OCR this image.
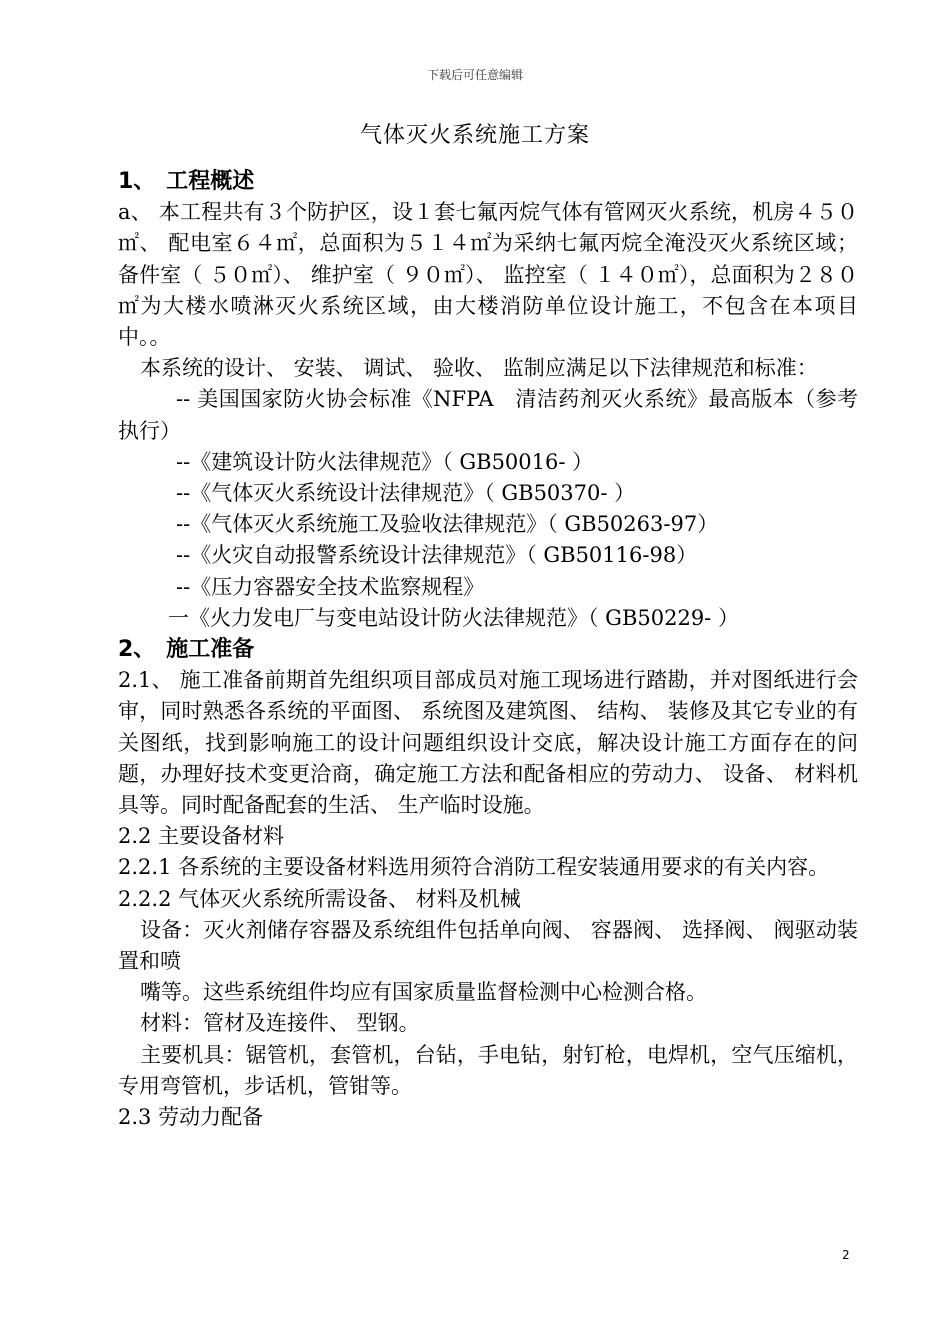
下载后可任意编辑
气体灭火系统施工方案

1、　工程概述

a、 本工程共有３个防护区，设１套七氟丙烷气体有管网灭火系统，机房４５０㎡、 配电室６４㎡，总面积为５１４㎡为采纳七氟丙烷全淹没灭火系统区域；备件室（ ５０㎡）、 维护室（ ９０㎡）、 监控室（ １４０㎡），总面积为２８０㎡为大楼水喷淋灭火系统区域，由大楼消防单位设计施工，不包含在本项目中。。

本系统的设计、 安装、 调试、 验收、 监制应满足以下法律规范和标准：

-- 美国国家防火协会标准《NFPA　清洁药剂灭火系统》最高版本（参考执行）

--《建筑设计防火法律规范》（ GB50016- ）

--《气体灭火系统设计法律规范》（ GB50370- ）

--《气体灭火系统施工及验收法律规范》（ GB50263-97）

--《火灾自动报警系统设计法律规范》（ GB50116-98）

--《压力容器安全技术监察规程》

一《火力发电厂与变电站设计防火法律规范》（ GB50229- ）

2、　施工准备

2.1、 施工准备前期首先组织项目部成员对施工现场进行踏勘，并对图纸进行会审，同时熟悉各系统的平面图、 系统图及建筑图、 结构、 装修及其它专业的有关图纸，找到影响施工的设计问题组织设计交底，解决设计施工方面存在的问题，办理好技术变更洽商，确定施工方法和配备相应的劳动力、 设备、 材料机具等。同时配备配套的生活、 生产临时设施。

2.2 主要设备材料

2.2.1 各系统的主要设备材料选用须符合消防工程安装通用要求的有关内容。

2.2.2 气体灭火系统所需设备、 材料及机械

设备：灭火剂储存容器及系统组件包括单向阀、 容器阀、 选择阀、 阀驱动装置和喷

嘴等。这些系统组件均应有国家质量监督检测中心检测合格。

材料：管材及连接件、 型钢。

主要机具：锯管机，套管机，台钻，手电钻，射钉枪，电焊机，空气压缩机，专用弯管机，步话机，管钳等。

2.3 劳动力配备

2
